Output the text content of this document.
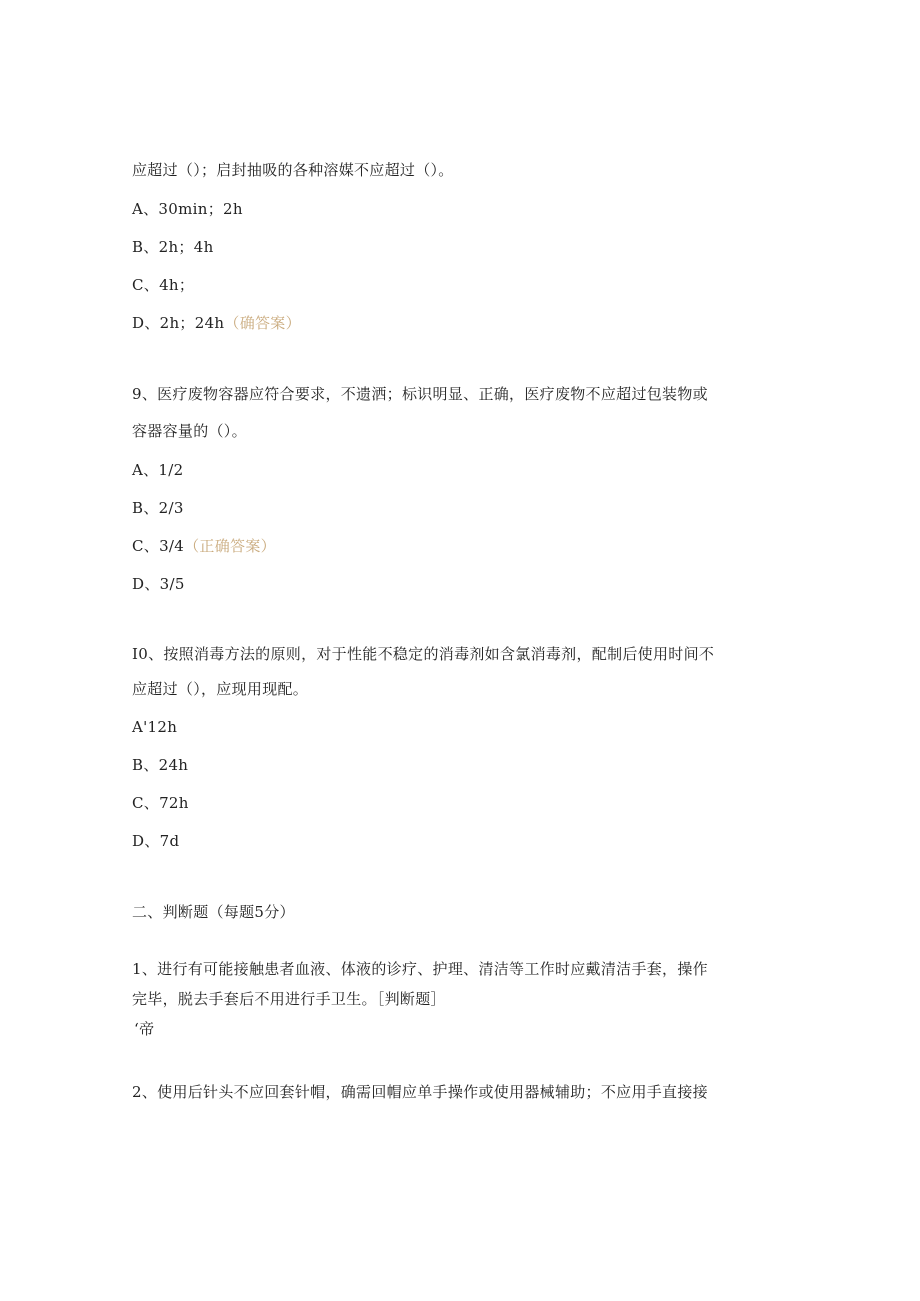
应超过（）；启封抽吸的各种溶媒不应超过（）。
A、30min；2h
B、2h；4h
C、4h；
D、2h；24h（确答案）
9、医疗废物容器应符合要求，不遗洒；标识明显、正确，医疗废物不应超过包装物或
容器容量的（）。
A、1/2
B、2/3
C、3/4（正确答案）
D、3/5
I0、按照消毒方法的原则，对于性能不稳定的消毒剂如含氯消毒剂，配制后使用时间不
应超过（），应现用现配。
A'12h
B、24h
C、72h
D、7d
二、判断题（每题5分）
1、进行有可能接触患者血液、体液的诊疗、护理、清洁等工作时应戴清洁手套，操作
完毕，脱去手套后不用进行手卫生。［判断题］
‘帝
2、使用后针头不应回套针帽，确需回帽应单手操作或使用器械辅助；不应用手直接接
